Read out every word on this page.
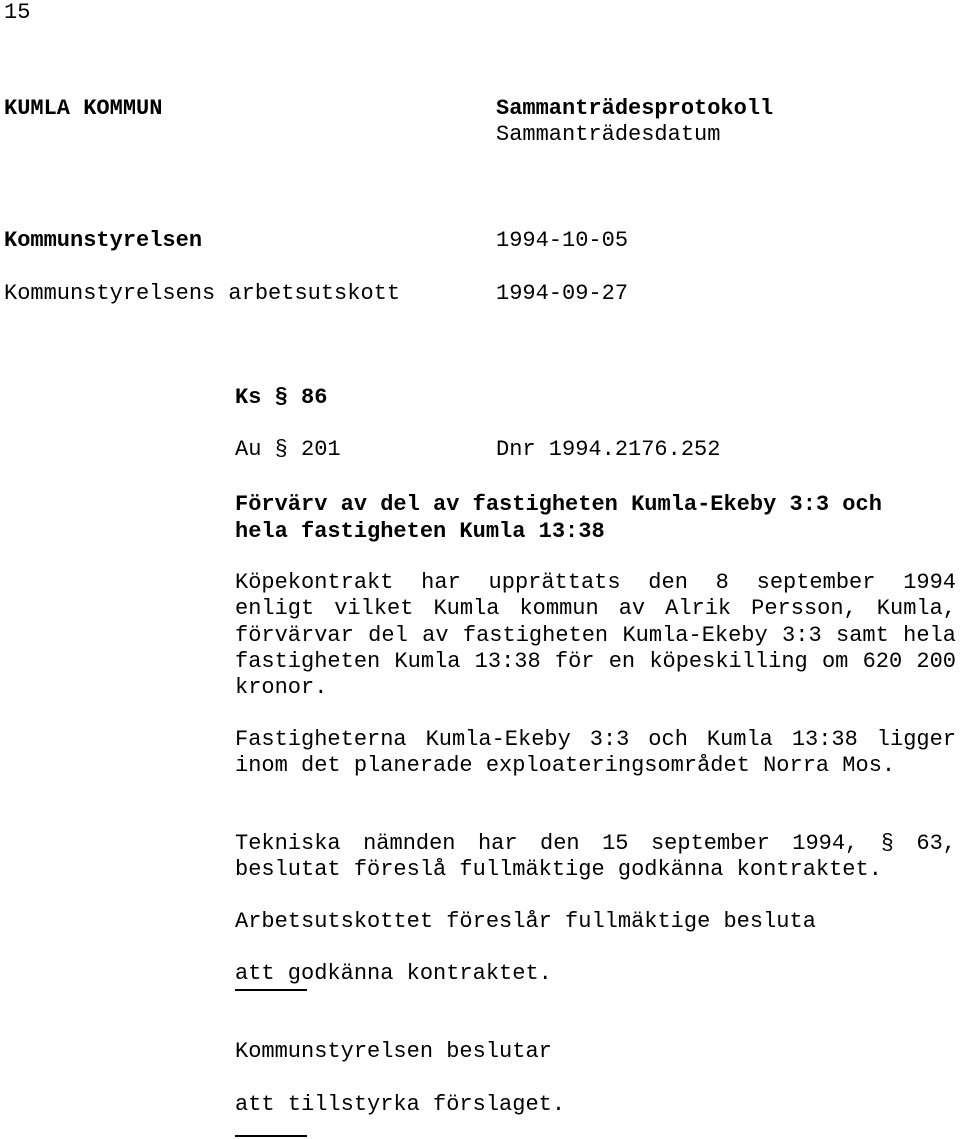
15
KUMLA KOMMUN	Sammanträdesprotokoll
Sammanträdesdatum
Kommunstyrelsen	1994-10-05
Kommunstyrelsens arbetsutskott	1994-09-27
Ks § 86
Au § 201	Dnr 1994.2176.252
Förvärv av del av fastigheten Kumla-Ekeby 3:3 och
hela fastigheten Kumla 13:38
Köpekontrakt har upprättats den 8 september 1994 enligt vilket Kumla kommun av Alrik Persson, Kumla, förvärvar del av fastigheten Kumla-Ekeby 3:3 samt hela fastigheten Kumla 13:38 för en köpeskilling om 620 200 kronor.
Fastigheterna Kumla-Ekeby 3:3 och Kumla 13:38 ligger inom det planerade exploateringsområdet Norra Mos.
Tekniska nämnden har den 15 september 1994, § 63, beslutat föreslå fullmäktige godkänna kontraktet.
Arbetsutskottet föreslår fullmäktige besluta
att godkänna kontraktet.
Kommunstyrelsen beslutar
att tillstyrka förslaget.
